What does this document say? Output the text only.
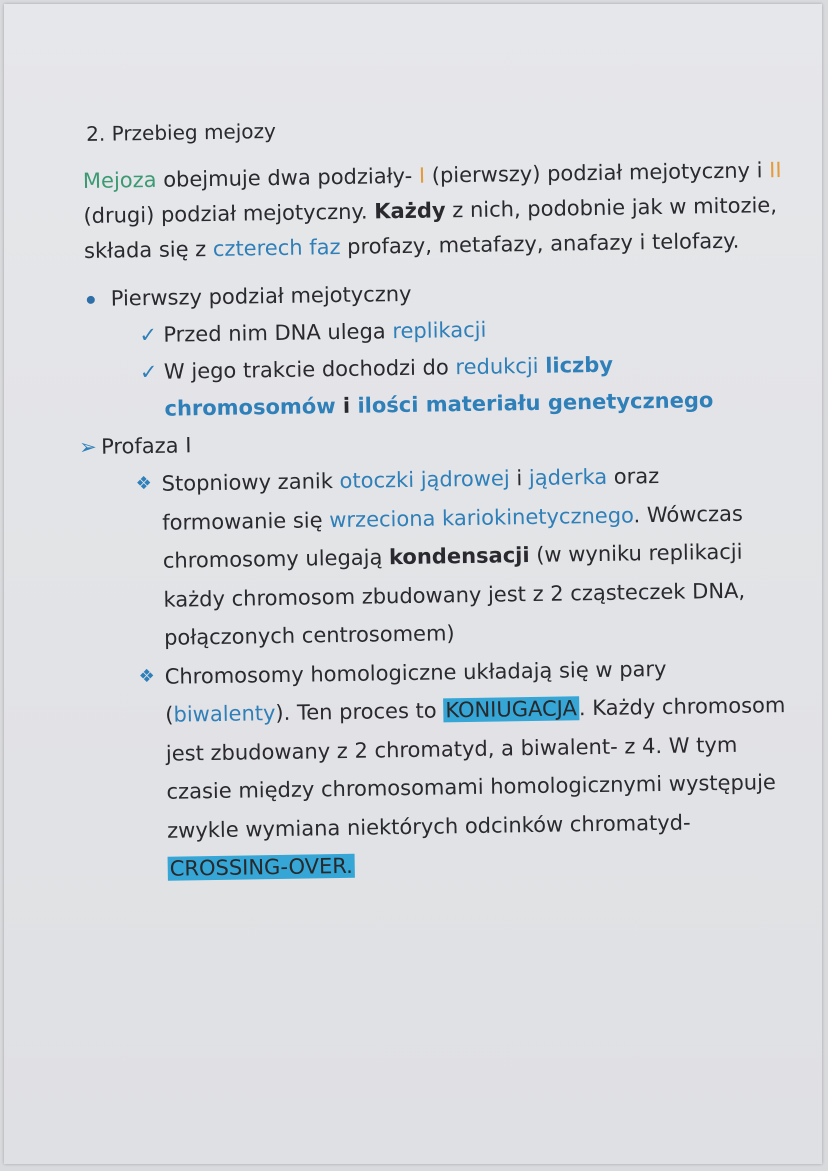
2. Przebieg mejozy

Mejoza obejmuje dwa podziały- I (pierwszy) podział mejotyczny i II (drugi) podział mejotyczny. Każdy z nich, podobnie jak w mitozie, składa się z czterech faz profazy, metafazy, anafazy i telofazy.

Pierwszy podział mejotyczny
✓ Przed nim DNA ulega replikacji
✓ W jego trakcie dochodzi do redukcji liczby chromosomów i ilości materiału genetycznego
➢ Profaza I
❖ Stopniowy zanik otoczki jądrowej i jąderka oraz formowanie się wrzeciona kariokinetycznego. Wówczas chromosomy ulegają kondensacji (w wyniku replikacji każdy chromosom zbudowany jest z 2 cząsteczek DNA, połączonych centrosomem)
❖ Chromosomy homologiczne układają się w pary (biwalenty). Ten proces to KONIUGACJA. Każdy chromosom jest zbudowany z 2 chromatyd, a biwalent- z 4. W tym czasie między chromosomami homologicznymi występuje zwykle wymiana niektórych odcinków chromatyd- CROSSING-OVER.
